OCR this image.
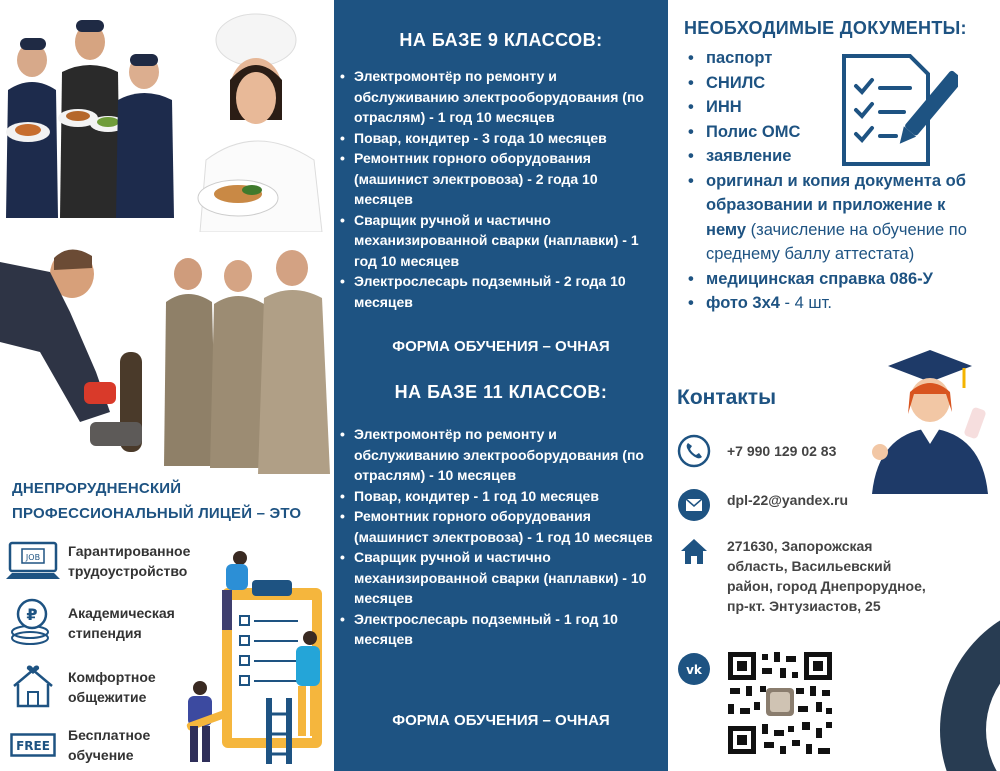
ДНЕПРОРУДНЕНСКИЙ ПРОФЕССИОНАЛЬНЫЙ ЛИЦЕЙ – ЭТО
JOB Гарантированное трудоустройство
₽ Академическая стипендия
Комфортное общежитие
FREE
Бесплатное обучение
НА БАЗЕ 9 КЛАССОВ:
• Электромонтёр по ремонту и обслуживанию электрооборудования (по отраслям) - 1 год 10 месяцев
• Повар, кондитер - 3 года 10 месяцев
• Ремонтник горного оборудования (машинист электровоза) - 2 года 10 месяцев
• Сварщик ручной и частично механизированной сварки (наплавки) - 1 год 10 месяцев
• Электрослесарь подземный - 2 года 10 месяцев
ФОРМА ОБУЧЕНИЯ – ОЧНАЯ
НА БАЗЕ 11 КЛАССОВ:
• Электромонтёр по ремонту и обслуживанию электрооборудования (по отраслям) - 10 месяцев
• Повар, кондитер - 1 год 10 месяцев
• Ремонтник горного оборудования (машинист электровоза) - 1 год 10 месяцев
• Сварщик ручной и частично механизированной сварки (наплавки) - 10 месяцев
• Электрослесарь подземный - 1 год 10 месяцев
ФОРМА ОБУЧЕНИЯ – ОЧНАЯ
НЕОБХОДИМЫЕ ДОКУМЕНТЫ:
• паспорт
• СНИЛС
• ИНН
• Полис ОМС
• заявление
• оригинал и копия документа об образовании и приложение к нему (зачисление на обучение по среднему баллу аттестата)
• медицинская справка 086-У
• фото 3х4 - 4 шт.
Контакты
+7 990 129 02 83
dpl-22@yandex.ru
271630, Запорожская область, Васильевский район, город Днепрорудное, пр-кт. Энтузиастов, 25
vk
